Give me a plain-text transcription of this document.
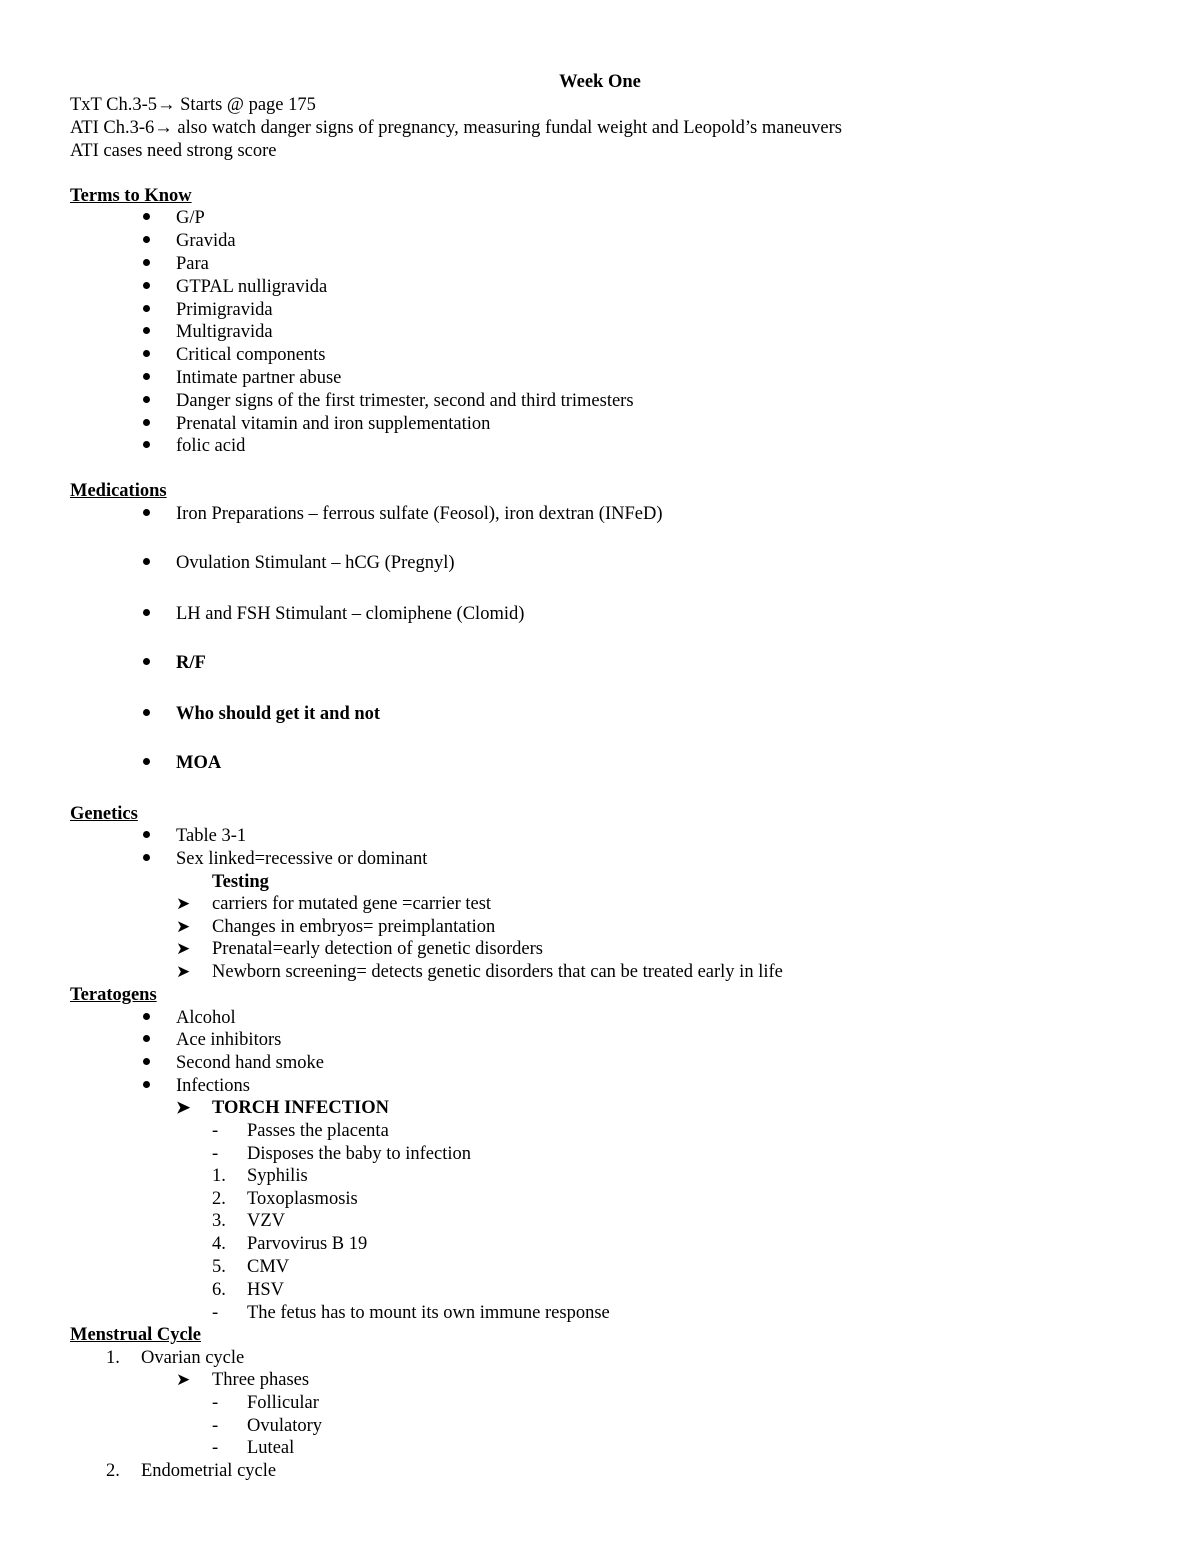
Week One
TxT Ch.3-5→ Starts @ page 175
ATI Ch.3-6→ also watch danger signs of pregnancy, measuring fundal weight and Leopold’s maneuvers
ATI cases need strong score
Terms to Know
G/P
Gravida
Para
GTPAL nulligravida
Primigravida
Multigravida
Critical components
Intimate partner abuse
Danger signs of the first trimester, second and third trimesters
Prenatal vitamin and iron supplementation
folic acid
Medications
Iron Preparations – ferrous sulfate (Feosol), iron dextran (INFeD)
Ovulation Stimulant – hCG (Pregnyl)
LH and FSH Stimulant – clomiphene (Clomid)
R/F
Who should get it and not
MOA
Genetics
Table 3-1
Sex linked=recessive or dominant
Testing
➤ carriers for mutated gene =carrier test
➤ Changes in embryos= preimplantation
➤ Prenatal=early detection of genetic disorders
➤ Newborn screening= detects genetic disorders that can be treated early in life
Teratogens
Alcohol
Ace inhibitors
Second hand smoke
Infections
➤ TORCH INFECTION
- Passes the placenta
- Disposes the baby to infection
1. Syphilis
2. Toxoplasmosis
3. VZV
4. Parvovirus B 19
5. CMV
6. HSV
- The fetus has to mount its own immune response
Menstrual Cycle
1. Ovarian cycle
➤ Three phases
- Follicular
- Ovulatory
- Luteal
2. Endometrial cycle
